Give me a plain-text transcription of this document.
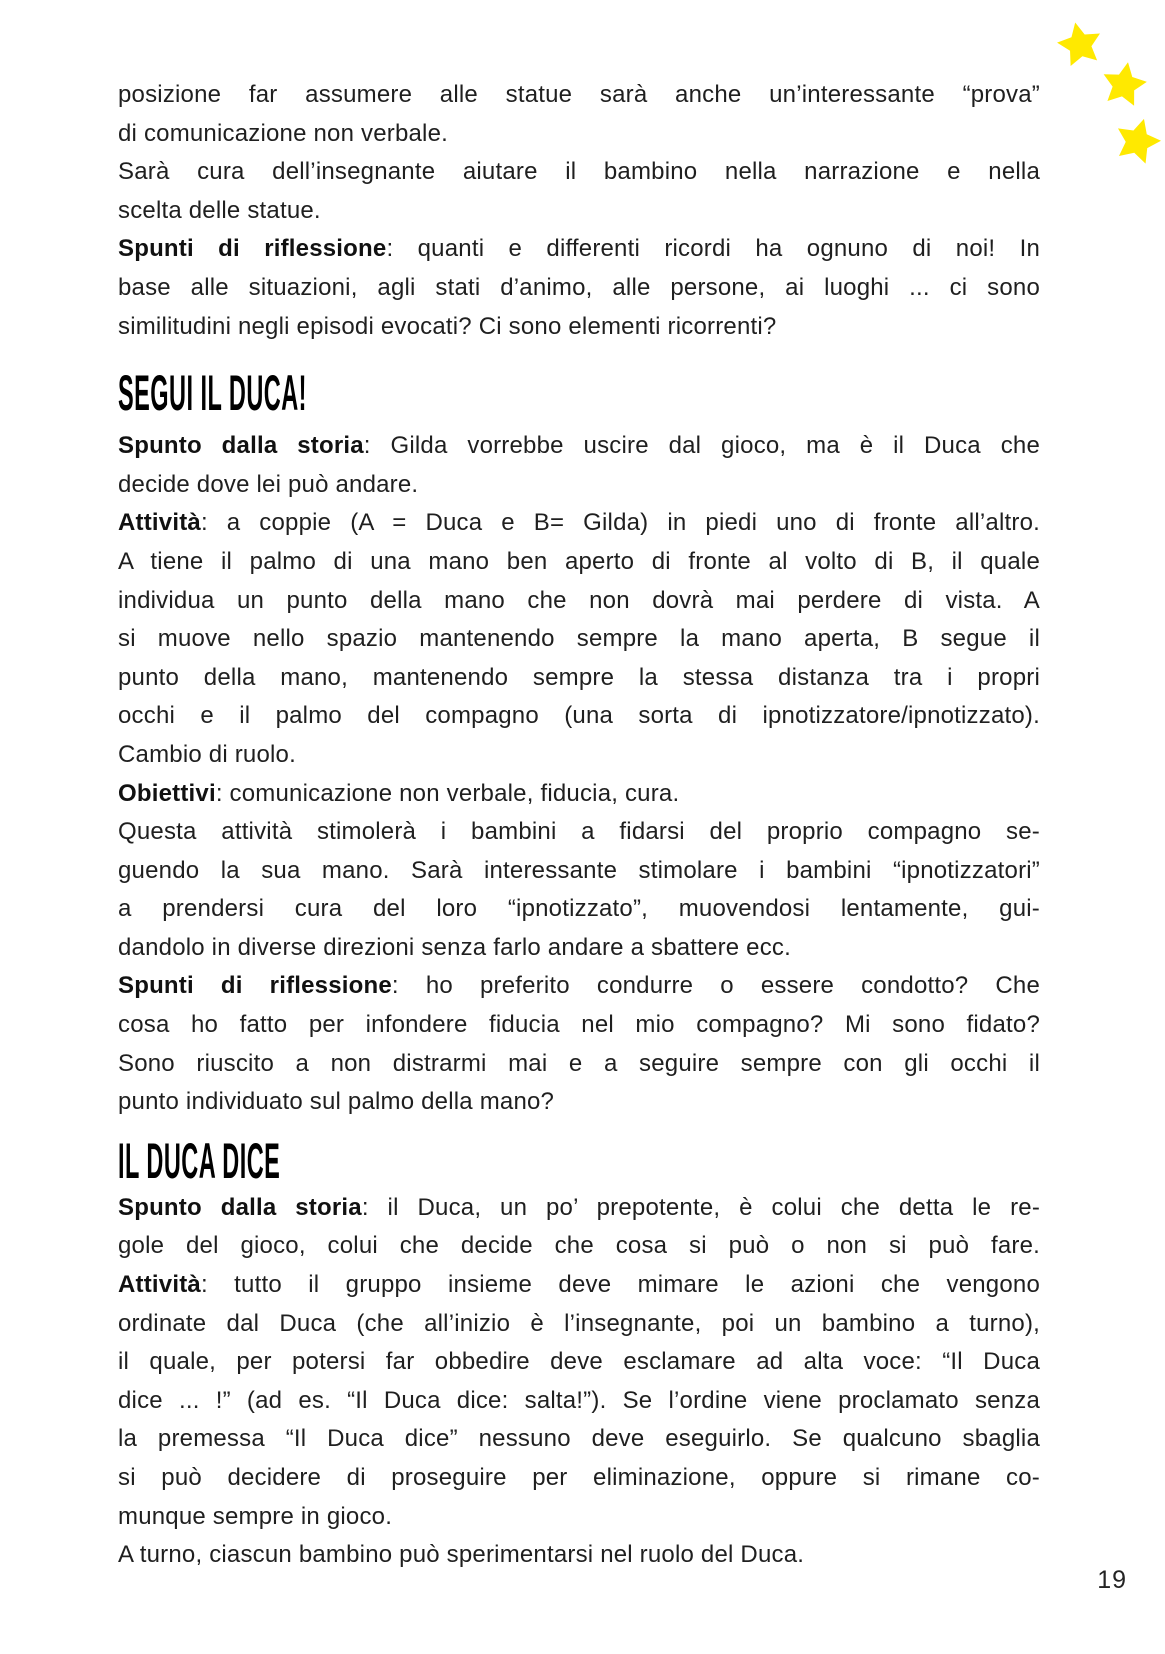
posizione far assumere alle statue sarà anche un’interessante “prova”
di comunicazione non verbale.

Sarà cura dell’insegnante aiutare il bambino nella narrazione e nella
scelta delle statue.

Spunti di riflessione: quanti e differenti ricordi ha ognuno di noi! In
base alle situazioni, agli stati d’animo, alle persone, ai luoghi ... ci sono
similitudini negli episodi evocati? Ci sono elementi ricorrenti?

SEGUI IL DUCA!

Spunto dalla storia: Gilda vorrebbe uscire dal gioco, ma è il Duca che
decide dove lei può andare.

Attività: a coppie (A = Duca e B= Gilda) in piedi uno di fronte all’altro.
A tiene il palmo di una mano ben aperto di fronte al volto di B, il quale
individua un punto della mano che non dovrà mai perdere di vista. A
si muove nello spazio mantenendo sempre la mano aperta, B segue il
punto della mano, mantenendo sempre la stessa distanza tra i propri
occhi e il palmo del compagno (una sorta di ipnotizzatore/ipnotizzato).
Cambio di ruolo.

Obiettivi: comunicazione non verbale, fiducia, cura.

Questa attività stimolerà i bambini a fidarsi del proprio compagno se-
guendo la sua mano. Sarà interessante stimolare i bambini “ipnotizzatori”
a prendersi cura del loro “ipnotizzato”, muovendosi lentamente, gui-
dandolo in diverse direzioni senza farlo andare a sbattere ecc.

Spunti di riflessione: ho preferito condurre o essere condotto? Che
cosa ho fatto per infondere fiducia nel mio compagno? Mi sono fidato?
Sono riuscito a non distrarmi mai e a seguire sempre con gli occhi il
punto individuato sul palmo della mano?

IL DUCA DICE

Spunto dalla storia: il Duca, un po’ prepotente, è colui che detta le re-
gole del gioco, colui che decide che cosa si può o non si può fare.

Attività: tutto il gruppo insieme deve mimare le azioni che vengono
ordinate dal Duca (che all’inizio è l’insegnante, poi un bambino a turno),
il quale, per potersi far obbedire deve esclamare ad alta voce: “Il Duca
dice ... !” (ad es. “Il Duca dice: salta!”). Se l’ordine viene proclamato senza
la premessa “Il Duca dice” nessuno deve eseguirlo. Se qualcuno sbaglia
si può decidere di proseguire per eliminazione, oppure si rimane co-
munque sempre in gioco.

A turno, ciascun bambino può sperimentarsi nel ruolo del Duca.

19
